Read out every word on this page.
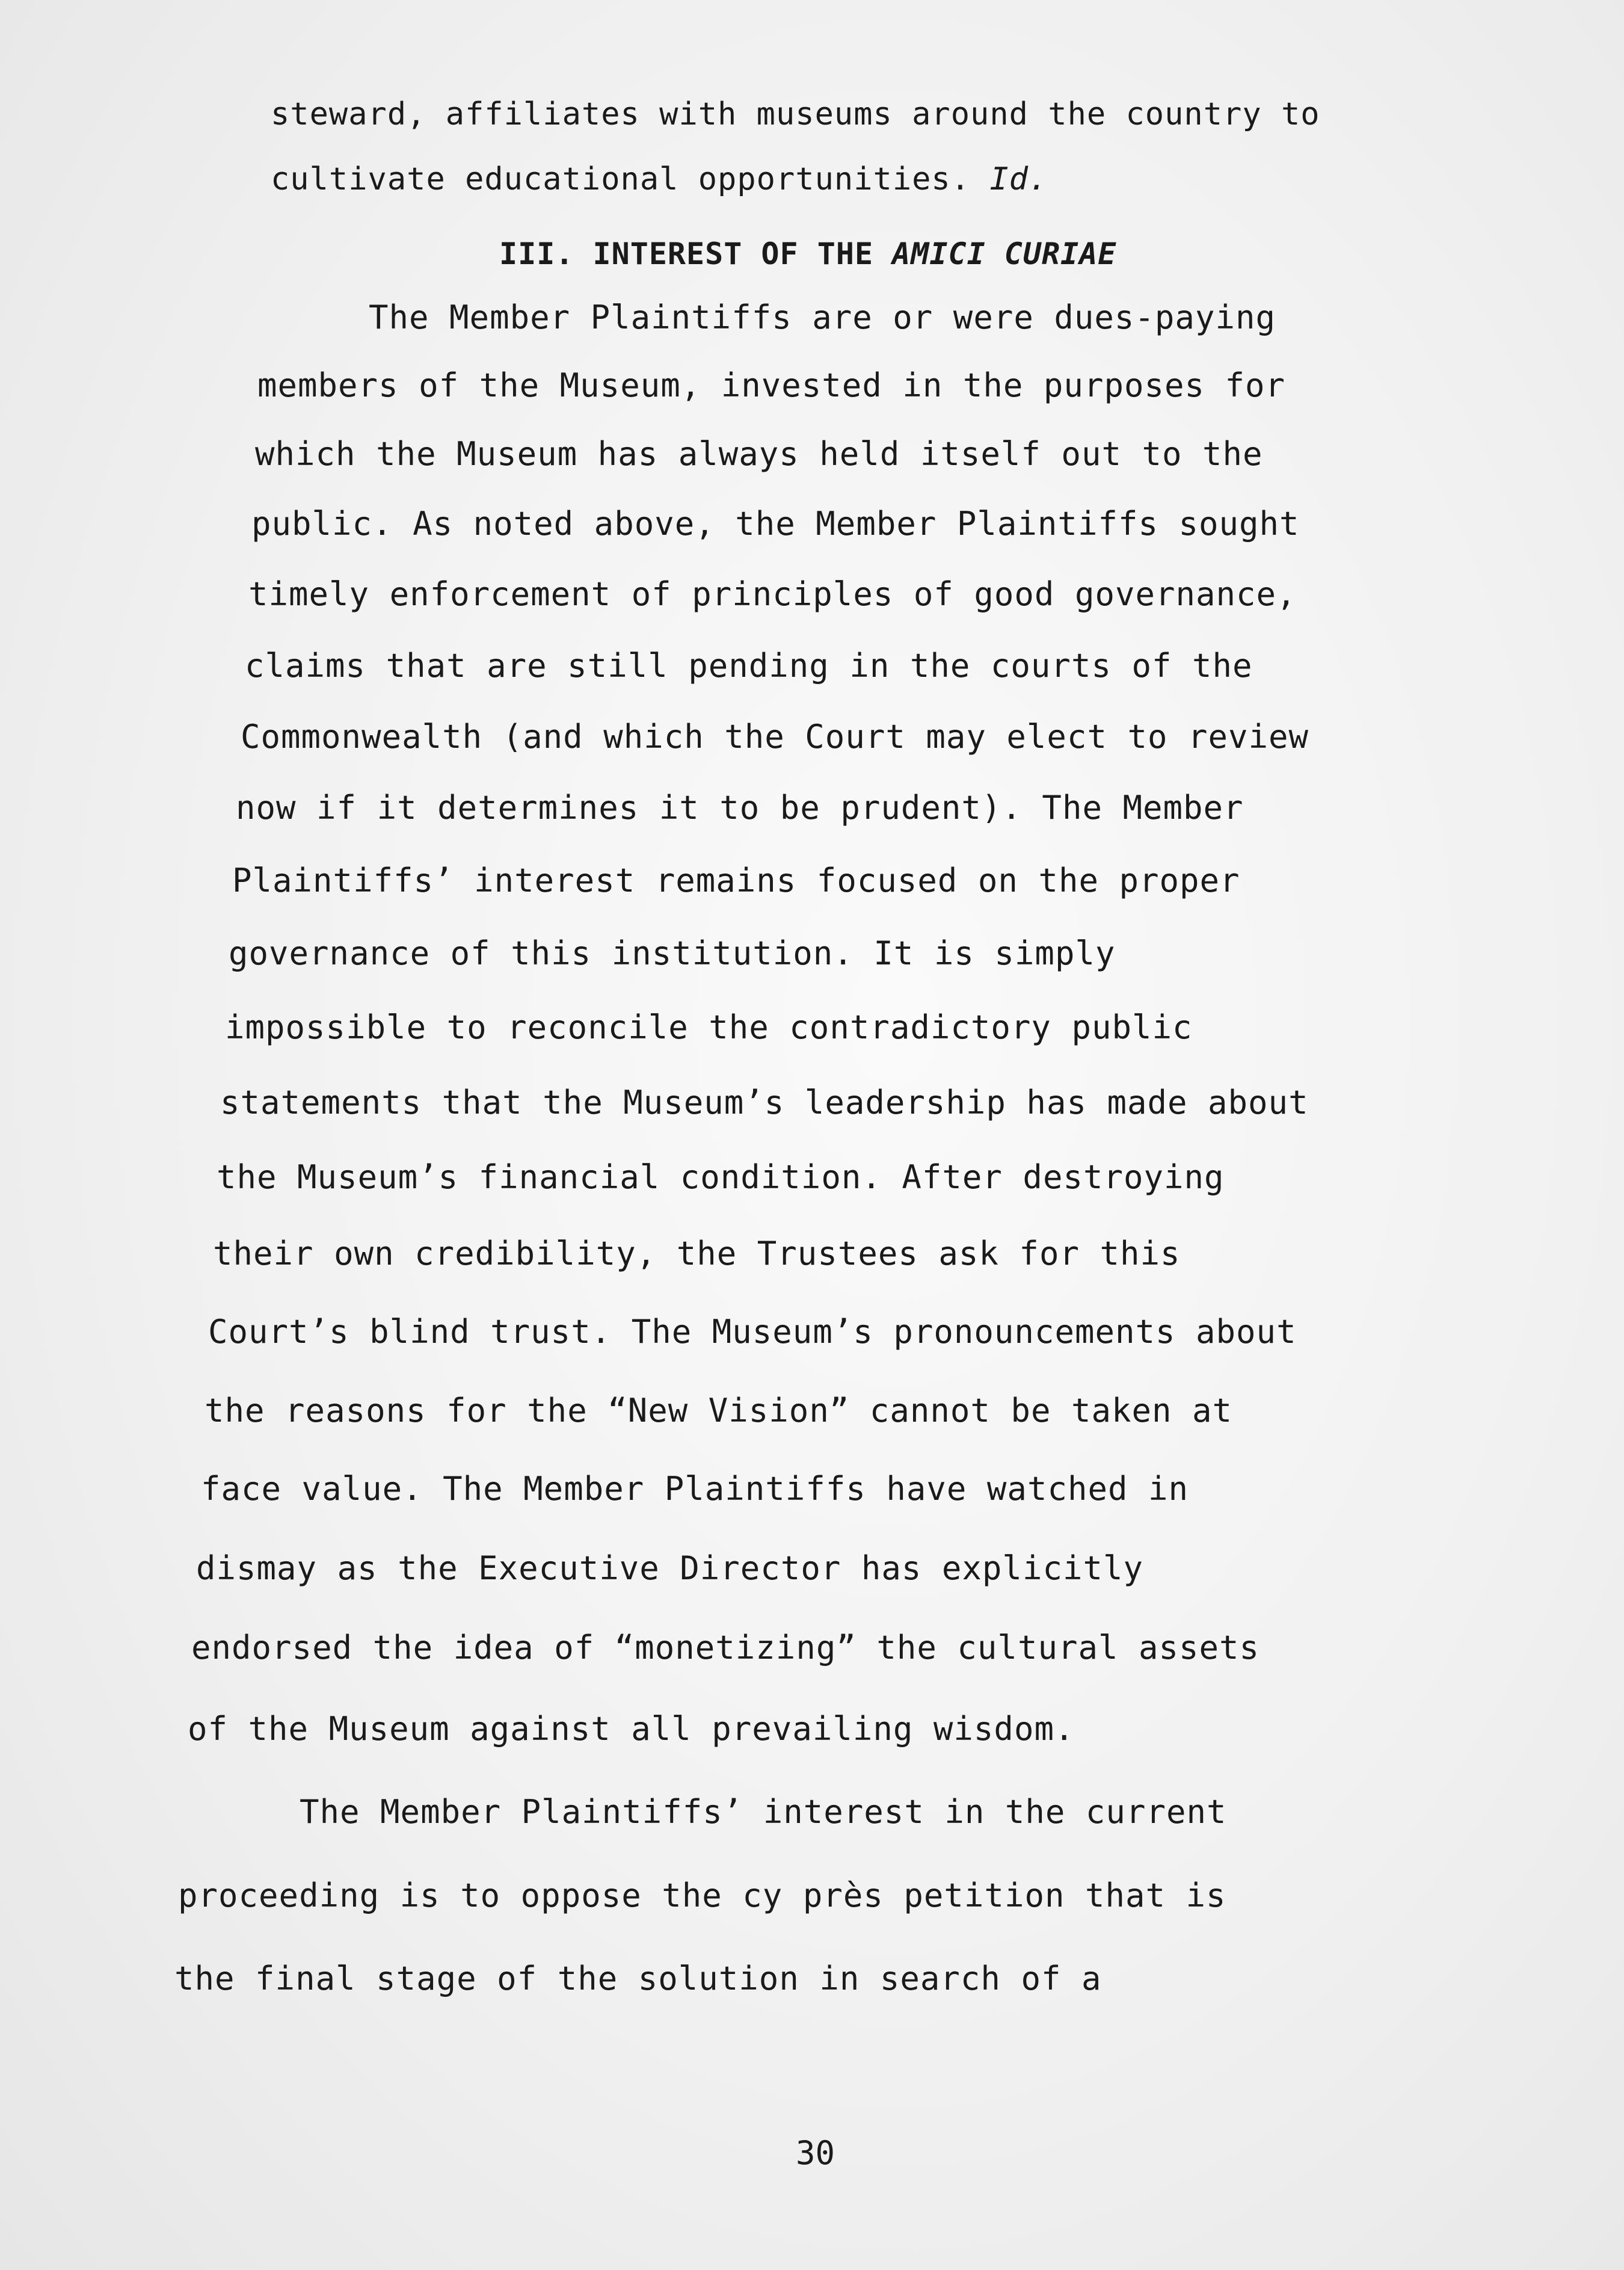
steward, affiliates with museums around the country to
cultivate educational opportunities. Id.
III. INTEREST OF THE AMICI CURIAE
The Member Plaintiffs are or were dues-paying
members of the Museum, invested in the purposes for
which the Museum has always held itself out to the
public. As noted above, the Member Plaintiffs sought
timely enforcement of principles of good governance,
claims that are still pending in the courts of the
Commonwealth (and which the Court may elect to review
now if it determines it to be prudent). The Member
Plaintiffs’ interest remains focused on the proper
governance of this institution. It is simply
impossible to reconcile the contradictory public
statements that the Museum’s leadership has made about
the Museum’s financial condition. After destroying
their own credibility, the Trustees ask for this
Court’s blind trust. The Museum’s pronouncements about
the reasons for the “New Vision” cannot be taken at
face value. The Member Plaintiffs have watched in
dismay as the Executive Director has explicitly
endorsed the idea of “monetizing” the cultural assets
of the Museum against all prevailing wisdom.
The Member Plaintiffs’ interest in the current
proceeding is to oppose the cy près petition that is
the final stage of the solution in search of a
30
